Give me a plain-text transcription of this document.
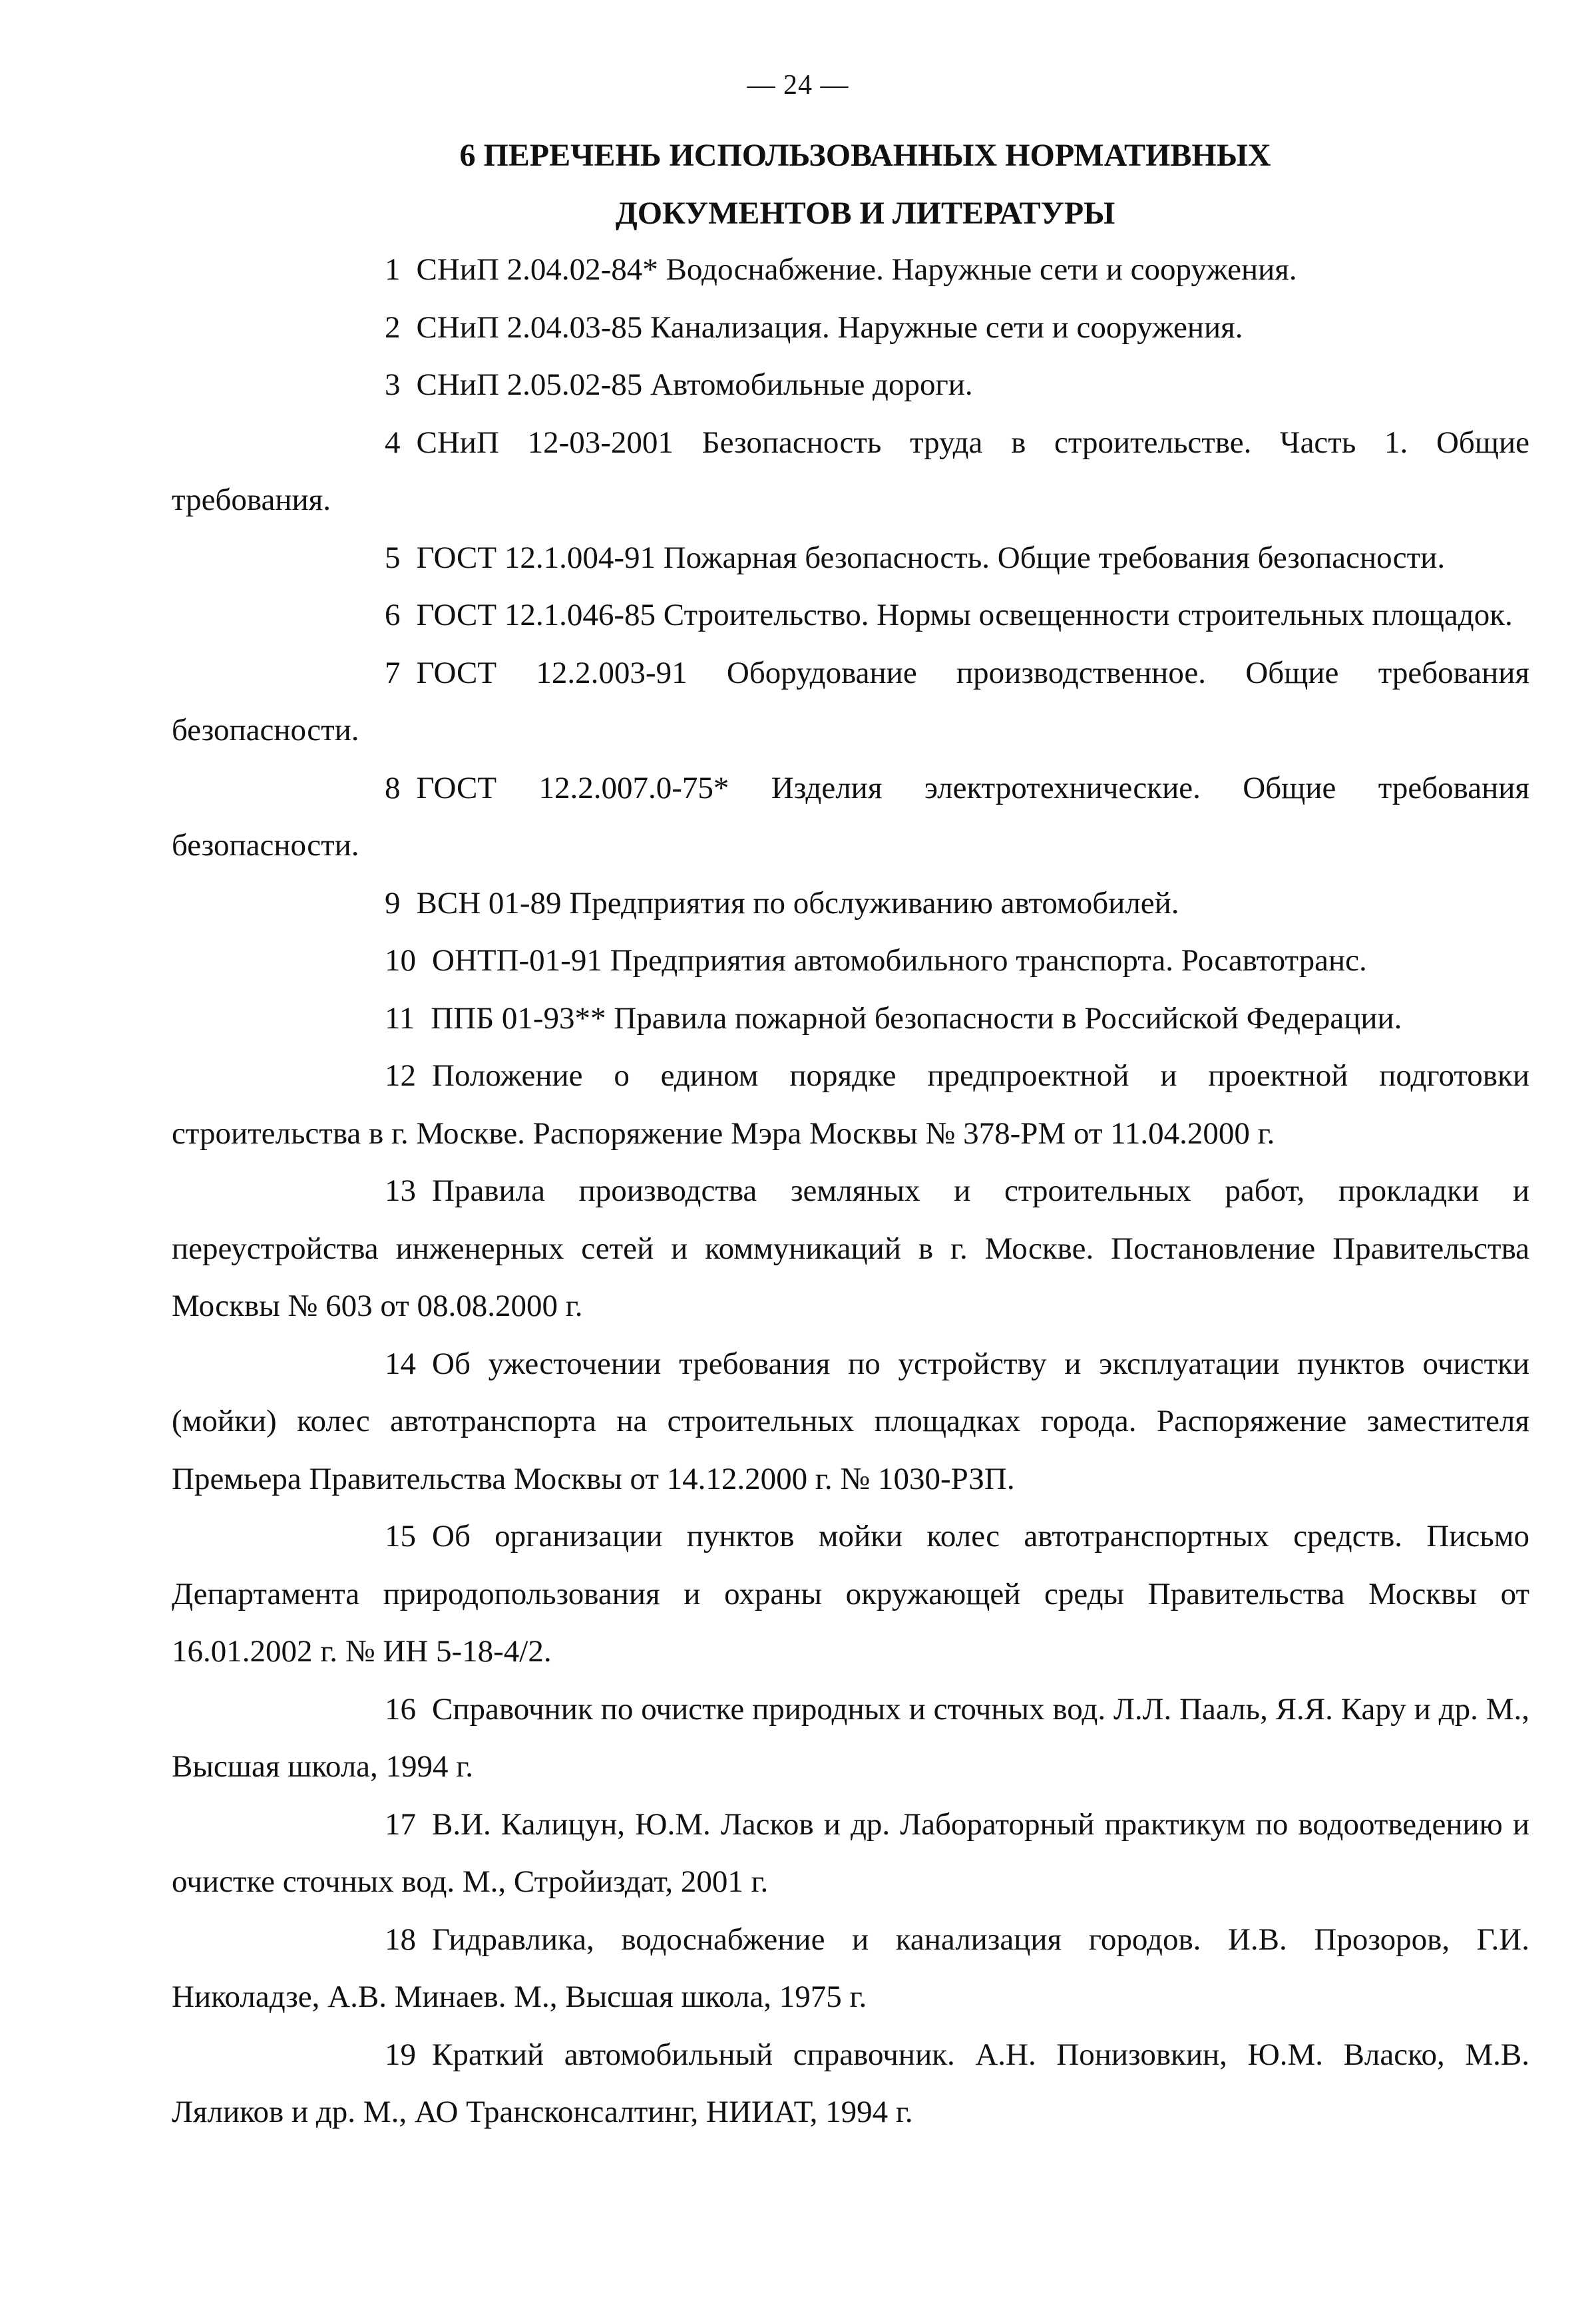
— 24 —
6 ПЕРЕЧЕНЬ ИСПОЛЬЗОВАННЫХ НОРМАТИВНЫХ
ДОКУМЕНТОВ И ЛИТЕРАТУРЫ

1 СНиП 2.04.02-84* Водоснабжение. Наружные сети и сооружения.

2 СНиП 2.04.03-85 Канализация. Наружные сети и сооружения.

3 СНиП 2.05.02-85 Автомобильные дороги.

4 СНиП 12-03-2001 Безопасность труда в строительстве. Часть 1. Общие требования.

5 ГОСТ 12.1.004-91 Пожарная безопасность. Общие требования безопасности.

6 ГОСТ 12.1.046-85 Строительство. Нормы освещенности строительных площадок.

7 ГОСТ 12.2.003-91 Оборудование производственное. Общие требования безопасности.

8 ГОСТ 12.2.007.0-75* Изделия электротехнические. Общие требования безопасности.

9 ВСН 01-89 Предприятия по обслуживанию автомобилей.

10 ОНТП-01-91 Предприятия автомобильного транспорта. Росавтотранс.

11 ППБ 01-93** Правила пожарной безопасности в Российской Федерации.

12 Положение о едином порядке предпроектной и проектной подготовки строительства в г. Москве. Распоряжение Мэра Москвы № 378-РМ от 11.04.2000 г.

13 Правила производства земляных и строительных работ, прокладки и переустройства инженерных сетей и коммуникаций в г. Москве. Постановление Правительства Москвы № 603 от 08.08.2000 г.

14 Об ужесточении требования по устройству и эксплуатации пунктов очистки (мойки) колес автотранспорта на строительных площадках города. Распоряжение заместителя Премьера Правительства Москвы от 14.12.2000 г. № 1030-РЗП.

15 Об организации пунктов мойки колес автотранспортных средств. Письмо Департамента природопользования и охраны окружающей среды Правительства Москвы от 16.01.2002 г. № ИН 5-18-4/2.

16 Справочник по очистке природных и сточных вод. Л.Л. Пааль, Я.Я. Кару и др. М., Высшая школа, 1994 г.

17 В.И. Калицун, Ю.М. Ласков и др. Лабораторный практикум по водоотведению и очистке сточных вод. М., Стройиздат, 2001 г.

18 Гидравлика, водоснабжение и канализация городов. И.В. Прозоров, Г.И. Николадзе, А.В. Минаев. М., Высшая школа, 1975 г.

19 Краткий автомобильный справочник. А.Н. Понизовкин, Ю.М. Власко, М.В. Ляликов и др. М., АО Трансконсалтинг, НИИАТ, 1994 г.
